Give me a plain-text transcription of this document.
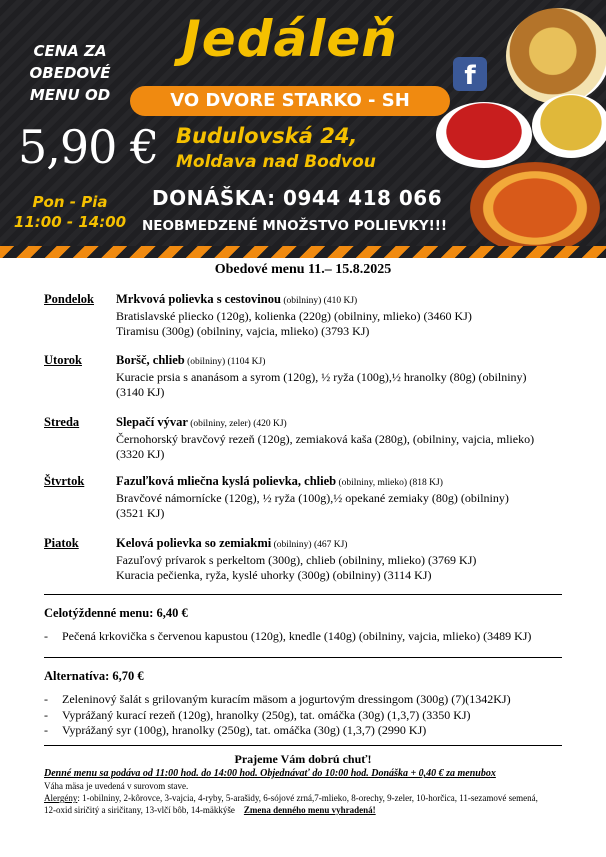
CENA ZA
OBEDOVÉ
MENU OD
5,90 €
Pon - Pia
11:00 - 14:00
Jedáleň
VO DVORE STARKO - SH
f
Budulovská 24,
Moldava nad Bodvou
DONÁŠKA: 0944 418 066
NEOBMEDZENÉ MNOŽSTVO POLIEVKY!!!
Obedové menu 11.– 15.8.2025
Pondelok Mrkvová polievka s cestovinou (obilniny) (410 KJ)
Bratislavské pliecko (120g), kolienka (220g) (obilniny, mlieko) (3460 KJ)
Tiramisu (300g) (obilniny, vajcia, mlieko) (3793 KJ)
Utorok	Boršč, chlieb (obilniny) (1104 KJ)
Kuracie prsia s ananásom a syrom (120g), ½ ryža (100g),½ hranolky (80g) (obilniny)
(3140 KJ)
Streda	Slepačí vývar (obilniny, zeler) (420 KJ)
Černohorský bravčový rezeň (120g), zemiaková kaša (280g), (obilniny, vajcia, mlieko)
(3320 KJ)
Štvrtok	Fazuľková mliečna kyslá polievka, chlieb (obilniny, mlieko) (818 KJ)
Bravčové námornícke (120g), ½ ryža (100g),½ opekané zemiaky (80g) (obilniny)
(3521 KJ)
Piatok	Kelová polievka so zemiakmi (obilniny) (467 KJ)
Fazuľový prívarok s perkeltom (300g), chlieb (obilniny, mlieko) (3769 KJ)
Kuracia pečienka, ryža, kyslé uhorky (300g) (obilniny) (3114 KJ)
Celotýždenné menu: 6,40 €
- Pečená krkovička s červenou kapustou (120g), knedle (140g) (obilniny, vajcia, mlieko) (3489 KJ)
Alternatíva: 6,70 €
- Zeleninový šalát s grilovaným kuracím mäsom a jogurtovým dressingom (300g) (7)(1342KJ)
- Vyprážaný kurací rezeň (120g), hranolky (250g), tat. omáčka (30g) (1,3,7) (3350 KJ)
- Vyprážaný syr (100g), hranolky (250g), tat. omáčka (30g) (1,3,7) (2990 KJ)
Prajeme Vám dobrú chuť!
Denné menu sa podáva od 11:00 hod. do 14:00 hod. Objednávať do 10:00 hod. Donáška + 0,40 € za menubox
Váha mäsa je uvedená v surovom stave.
Alergény: 1-obilniny, 2-kôrovce, 3-vajcia, 4-ryby, 5-arašidy, 6-sójové zrná,7-mlieko, 8-orechy, 9-zeler, 10-horčica, 11-sezamové semená,
12-oxid siričitý a siričitany, 13-vlčí bôb, 14-mäkkýše Zmena denného menu vyhradená!
